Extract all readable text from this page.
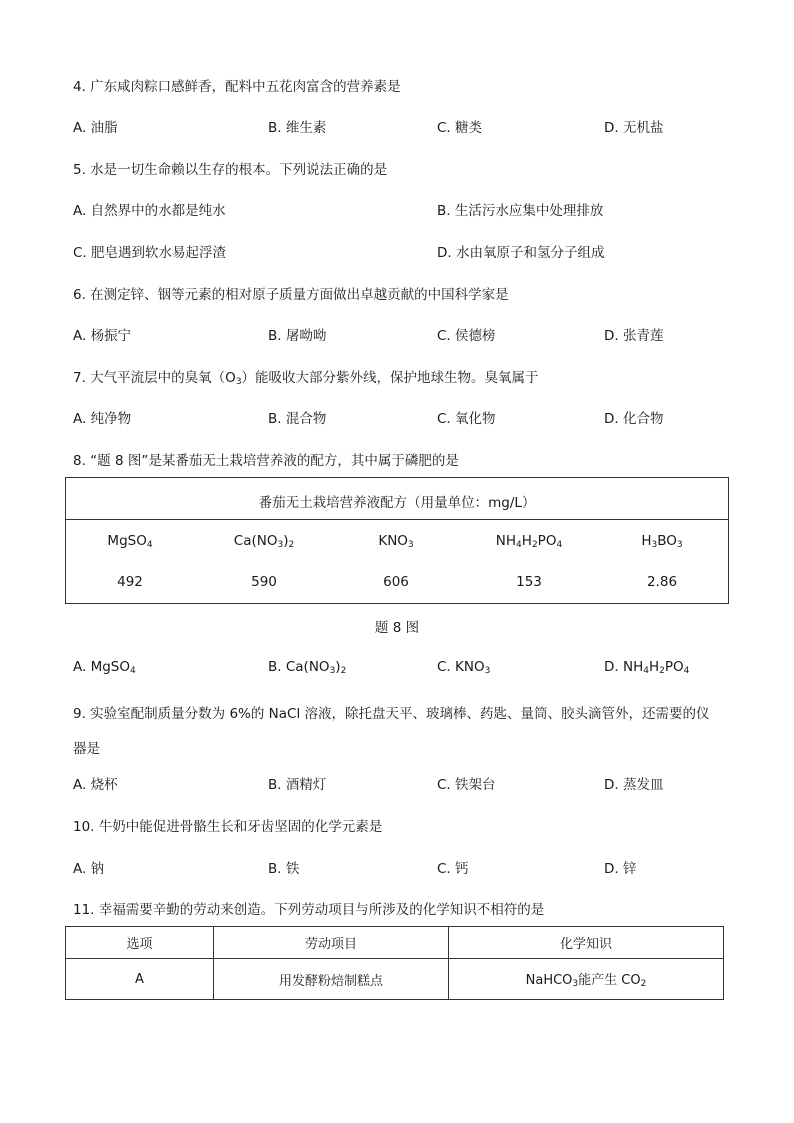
4. 广东咸肉粽口感鲜香，配料中五花肉富含的营养素是
A. 油脂	B. 维生素	C. 糖类	D. 无机盐
5. 水是一切生命赖以生存的根本。下列说法正确的是
A. 自然界中的水都是纯水	B. 生活污水应集中处理排放
C. 肥皂遇到软水易起浮渣	D. 水由氧原子和氢分子组成
6. 在测定锌、铟等元素的相对原子质量方面做出卓越贡献的中国科学家是
A. 杨振宁	B. 屠呦呦	C. 侯德榜	D. 张青莲
7. 大气平流层中的臭氧$(O_3)$能吸收大部分紫外线，保护地球生物。臭氧属于
A. 纯净物	B. 混合物	C. 氧化物	D. 化合物
8. “题 8 图”是某番茄无土栽培营养液的配方，其中属于磷肥的是
番茄无土栽培营养液配方（用量单位：mg/L）
MgSO$_4$	$Ca(NO_3)_2$	$KNO_3$	$NH_4H_2PO_4$	$H_3BO_3$
492	590	606	153	2.86
题 8 图
A. MgSO$_4$	B. $Ca(NO_3)_2$	C. $KNO_3$	D. $NH_4H_2PO_4$
9. 实验室配制质量分数为 6%的 NaCl 溶液，除托盘天平、玻璃棒、药匙、量筒、胶头滴管外，还需要的仪
器是
A. 烧杯	B. 酒精灯	C. 铁架台	D. 蒸发皿
10. 牛奶中能促进骨骼生长和牙齿坚固的化学元素是
A. 钠	B. 铁	C. 钙	D. 锌
11. 幸福需要辛勤的劳动来创造。下列劳动项目与所涉及的化学知识不相符的是
选项	劳动项目	化学知识
A	用发酵粉焙制糕点	NaHCO$_3$能产生 $CO_2$
